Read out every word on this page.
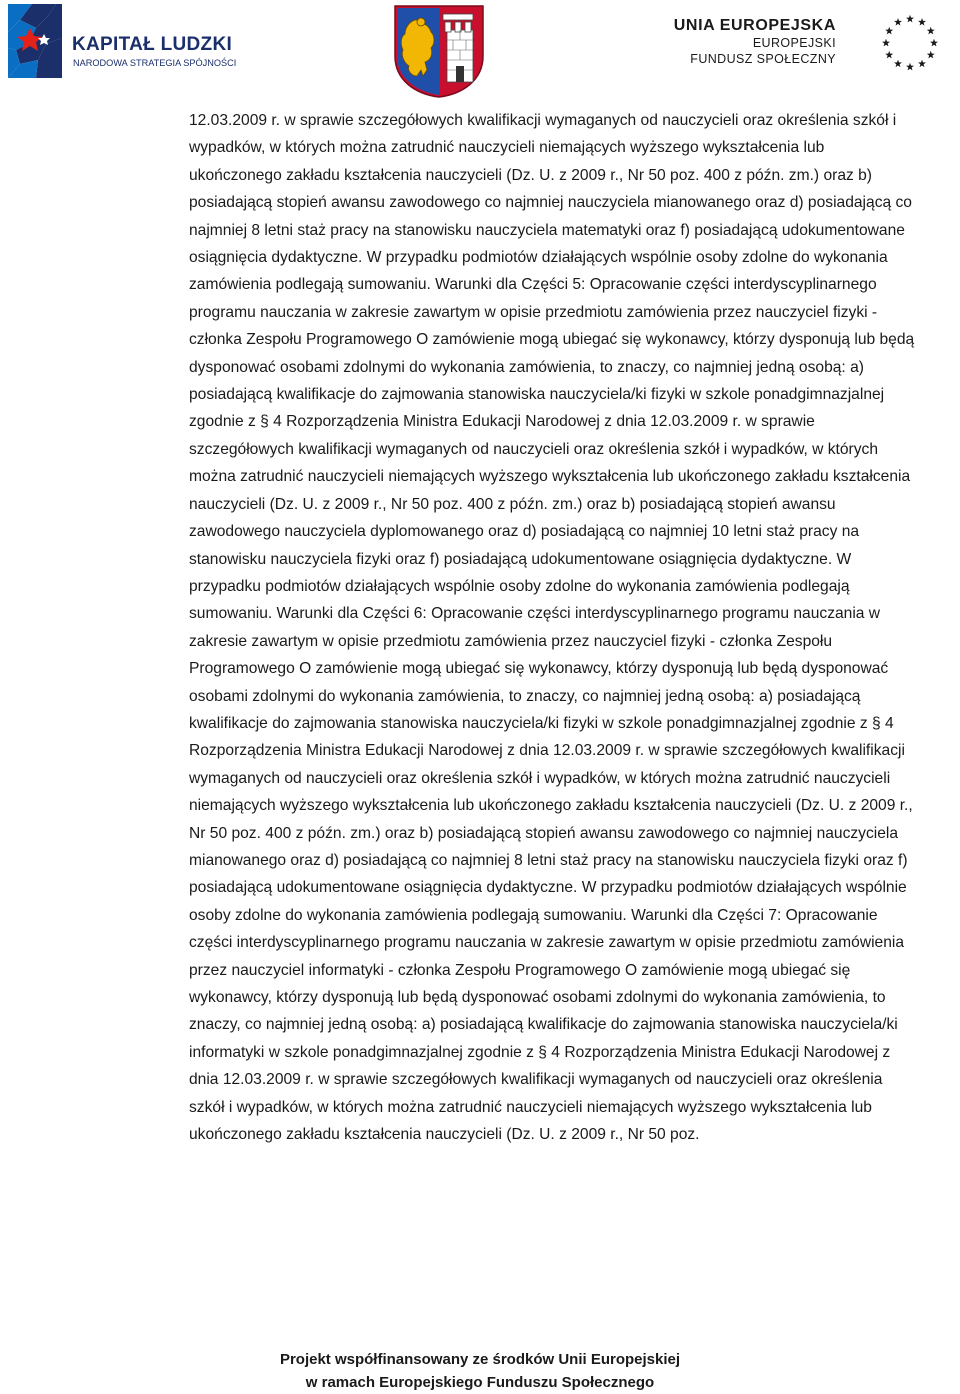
KAPITAŁ LUDZKI
NARODOWA STRATEGIA SPÓJNOŚCI
UNIA EUROPEJSKA
EUROPEJSKI
FUNDUSZ SPOŁECZNY
12.03.2009 r. w sprawie szczegółowych kwalifikacji wymaganych od nauczycieli oraz określenia szkół i wypadków, w których można zatrudnić nauczycieli niemających wyższego wykształcenia lub ukończonego zakładu kształcenia nauczycieli (Dz. U. z 2009 r., Nr 50 poz. 400 z późn. zm.) oraz b) posiadającą stopień awansu zawodowego co najmniej nauczyciela mianowanego oraz d) posiadającą co najmniej 8 letni staż pracy na stanowisku nauczyciela matematyki oraz f) posiadającą udokumentowane osiągnięcia dydaktyczne. W przypadku podmiotów działających wspólnie osoby zdolne do wykonania zamówienia podlegają sumowaniu. Warunki dla Części 5: Opracowanie części interdyscyplinarnego programu nauczania w zakresie zawartym w opisie przedmiotu zamówienia przez nauczyciel fizyki - członka Zespołu Programowego O zamówienie mogą ubiegać się wykonawcy, którzy dysponują lub będą dysponować osobami zdolnymi do wykonania zamówienia, to znaczy, co najmniej jedną osobą: a) posiadającą kwalifikacje do zajmowania stanowiska nauczyciela/ki fizyki w szkole ponadgimnazjalnej zgodnie z § 4 Rozporządzenia Ministra Edukacji Narodowej z dnia 12.03.2009 r. w sprawie szczegółowych kwalifikacji wymaganych od nauczycieli oraz określenia szkół i wypadków, w których można zatrudnić nauczycieli niemających wyższego wykształcenia lub ukończonego zakładu kształcenia nauczycieli (Dz. U. z 2009 r., Nr 50 poz. 400 z późn. zm.) oraz b) posiadającą stopień awansu zawodowego nauczyciela dyplomowanego oraz d) posiadającą co najmniej 10 letni staż pracy na stanowisku nauczyciela fizyki oraz f) posiadającą udokumentowane osiągnięcia dydaktyczne. W przypadku podmiotów działających wspólnie osoby zdolne do wykonania zamówienia podlegają sumowaniu. Warunki dla Części 6: Opracowanie części interdyscyplinarnego programu nauczania w zakresie zawartym w opisie przedmiotu zamówienia przez nauczyciel fizyki - członka Zespołu Programowego O zamówienie mogą ubiegać się wykonawcy, którzy dysponują lub będą dysponować osobami zdolnymi do wykonania zamówienia, to znaczy, co najmniej jedną osobą: a) posiadającą kwalifikacje do zajmowania stanowiska nauczyciela/ki fizyki w szkole ponadgimnazjalnej zgodnie z § 4 Rozporządzenia Ministra Edukacji Narodowej z dnia 12.03.2009 r. w sprawie szczegółowych kwalifikacji wymaganych od nauczycieli oraz określenia szkół i wypadków, w których można zatrudnić nauczycieli niemających wyższego wykształcenia lub ukończonego zakładu kształcenia nauczycieli (Dz. U. z 2009 r., Nr 50 poz. 400 z późn. zm.) oraz b) posiadającą stopień awansu zawodowego co najmniej nauczyciela mianowanego oraz d) posiadającą co najmniej 8 letni staż pracy na stanowisku nauczyciela fizyki oraz f) posiadającą udokumentowane osiągnięcia dydaktyczne. W przypadku podmiotów działających wspólnie osoby zdolne do wykonania zamówienia podlegają sumowaniu. Warunki dla Części 7: Opracowanie części interdyscyplinarnego programu nauczania w zakresie zawartym w opisie przedmiotu zamówienia przez nauczyciel informatyki - członka Zespołu Programowego O zamówienie mogą ubiegać się wykonawcy, którzy dysponują lub będą dysponować osobami zdolnymi do wykonania zamówienia, to znaczy, co najmniej jedną osobą: a) posiadającą kwalifikacje do zajmowania stanowiska nauczyciela/ki informatyki w szkole ponadgimnazjalnej zgodnie z § 4 Rozporządzenia Ministra Edukacji Narodowej z dnia 12.03.2009 r. w sprawie szczegółowych kwalifikacji wymaganych od nauczycieli oraz określenia szkół i wypadków, w których można zatrudnić nauczycieli niemających wyższego wykształcenia lub ukończonego zakładu kształcenia nauczycieli (Dz. U. z 2009 r., Nr 50 poz.
Projekt współfinansowany ze środków Unii Europejskiej
w ramach Europejskiego Funduszu Społecznego
